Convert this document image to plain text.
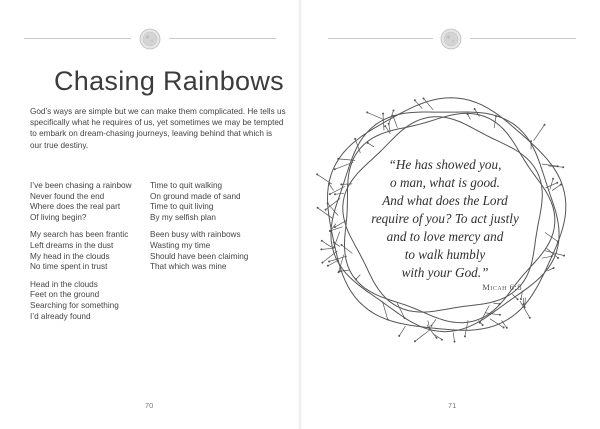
Chasing Rainbows

God’s ways are simple but we can make them complicated. He tells us specifically what he requires of us, yet sometimes we may be tempted to embark on dream-chasing journeys, leaving behind that which is our true destiny.

I’ve been chasing a rainbow
Never found the end
Where does the real part
Of living begin?
My search has been frantic
Left dreams in the dust
My head in the clouds
No time spent in trust
Head in the clouds
Feet on the ground
Searching for something
I’d already found
Time to quit walking
On ground made of sand
Time to quit living
By my selfish plan
Been busy with rainbows
Wasting my time
Should have been claiming
That which was mine
70

“He has showed you,
o man, what is good.
And what does the Lord
require of you? To act justly
and to love mercy and
to walk humbly
with your God.”

Micah 6:8
71
